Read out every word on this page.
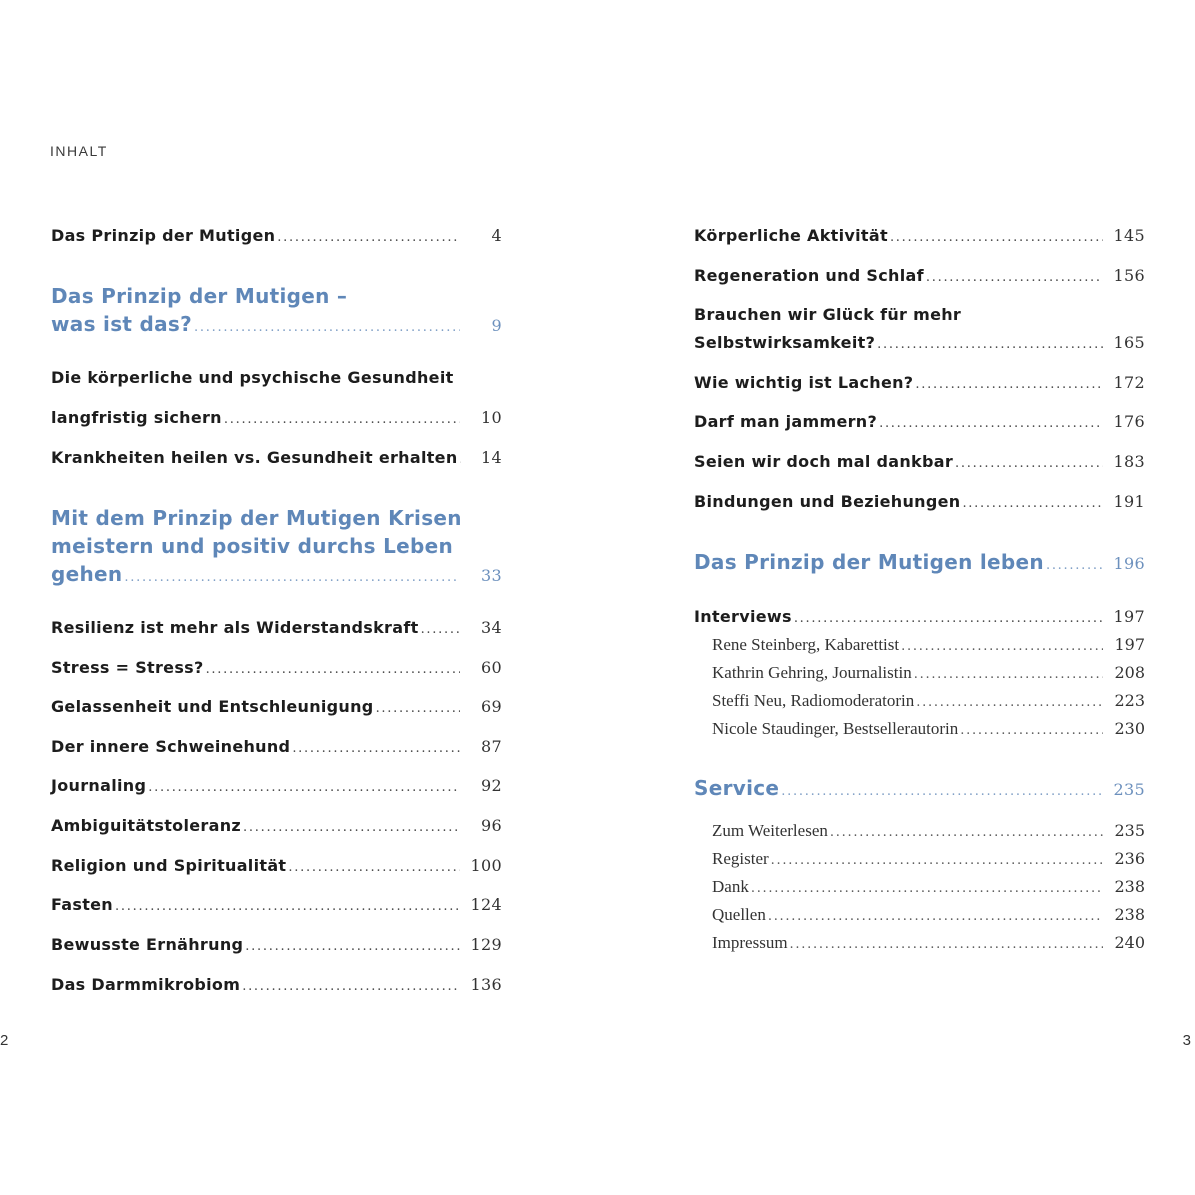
INHALT
Das Prinzip der Mutigen . . .	4
Das Prinzip der Mutigen –
was ist das? . . .	9
Die körperliche und psychische Gesundheit
langfristig sichern . . .	10
Krankheiten heilen vs. Gesundheit erhalten . . .	14
Mit dem Prinzip der Mutigen Krisen
meistern und positiv durchs Leben
gehen . . .	33
Resilienz ist mehr als Widerstandskraft . . .	34
Stress = Stress? . . .	60
Gelassenheit und Entschleunigung . . .	69
Der innere Schweinehund . . .	87
Journaling . . .	92
Ambiguitätstoleranz . . .	96
Religion und Spiritualität . . .	100
Fasten . . .	124
Bewusste Ernährung . . .	129
Das Darmmikrobiom . . .	136
Körperliche Aktivität . . .	145
Regeneration und Schlaf . . .	156
Brauchen wir Glück für mehr
Selbstwirksamkeit? . . .	165
Wie wichtig ist Lachen? . . .	172
Darf man jammern? . . .	176
Seien wir doch mal dankbar . . .	183
Bindungen und Beziehungen . . .	191
Das Prinzip der Mutigen leben . . .	196
Interviews . . .	197
Rene Steinberg, Kabarettist . . .	197
Kathrin Gehring, Journalistin . . .	208
Steffi Neu, Radiomoderatorin . . .	223
Nicole Staudinger, Bestsellerautorin . . .	230
Service . . .	235
Zum Weiterlesen . . .	235
Register . . .	236
Dank . . .	238
Quellen . . .	238
Impressum . . .	240
2	3
